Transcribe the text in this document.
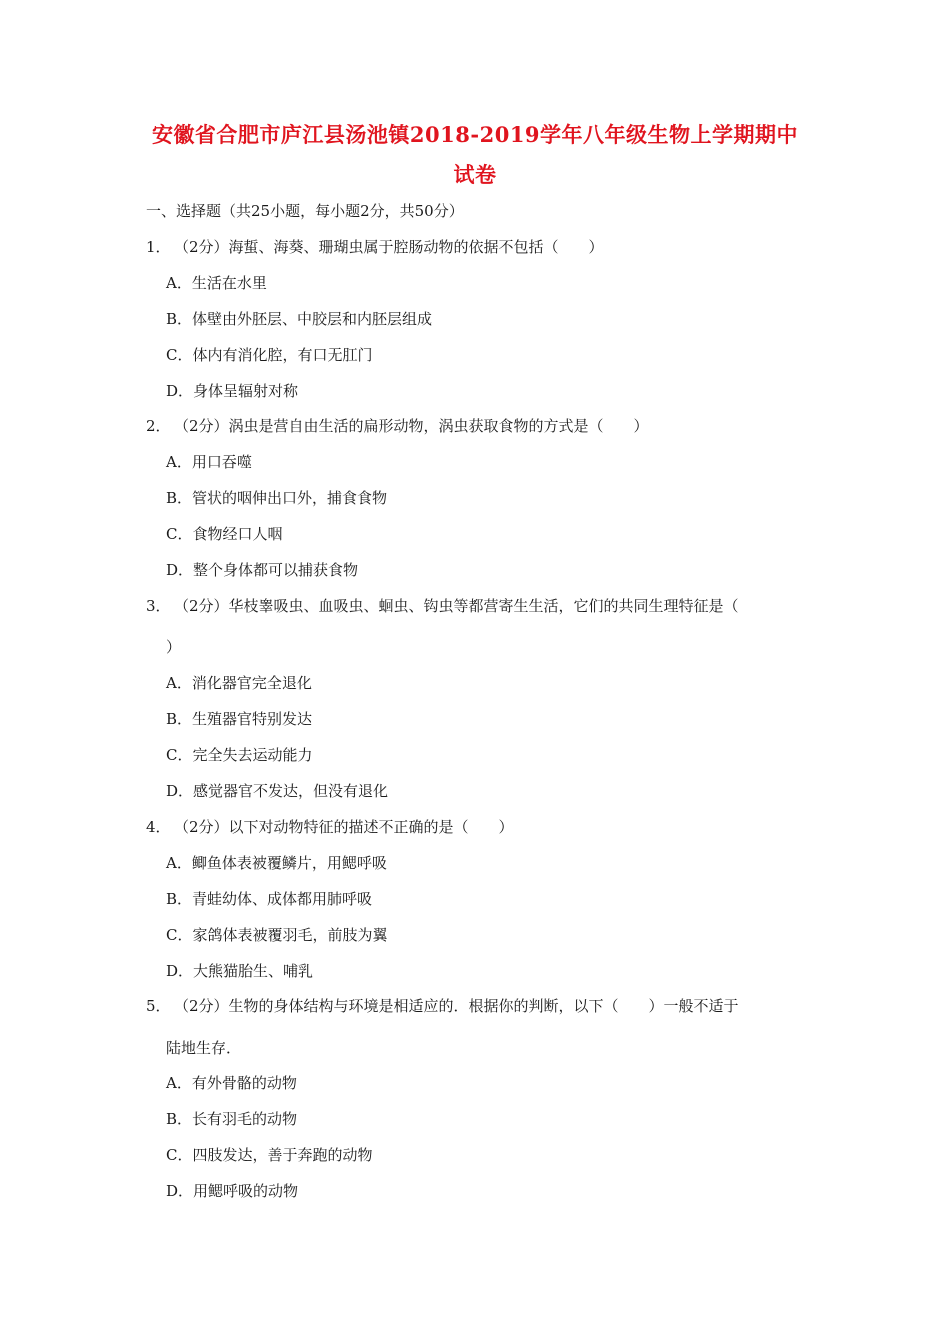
安徽省合肥市庐江县汤池镇2018-2019学年八年级生物上学期期中
试卷
一、选择题（共25小题，每小题2分，共50分）
1． （2分）海蜇、海葵、珊瑚虫属于腔肠动物的依据不包括（　　）
A．生活在水里
B．体壁由外胚层、中胶层和内胚层组成
C．体内有消化腔，有口无肛门
D．身体呈辐射对称
2． （2分）涡虫是营自由生活的扁形动物，涡虫获取食物的方式是（　　）
A．用口吞噬
B．管状的咽伸出口外，捕食食物
C．食物经口人咽
D．整个身体都可以捕获食物
3． （2分）华枝睾吸虫、血吸虫、蛔虫、钩虫等都营寄生生活，它们的共同生理特征是（
）
A．消化器官完全退化
B．生殖器官特别发达
C．完全失去运动能力
D．感觉器官不发达，但没有退化
4． （2分）以下对动物特征的描述不正确的是（　　）
A．鲫鱼体表被覆鳞片，用鳃呼吸
B．青蛙幼体、成体都用肺呼吸
C．家鸽体表被覆羽毛，前肢为翼
D．大熊猫胎生、哺乳
5． （2分）生物的身体结构与环境是相适应的．根据你的判断，以下（　　）一般不适于
陆地生存．
A．有外骨骼的动物
B．长有羽毛的动物
C．四肢发达，善于奔跑的动物
D．用鳃呼吸的动物
